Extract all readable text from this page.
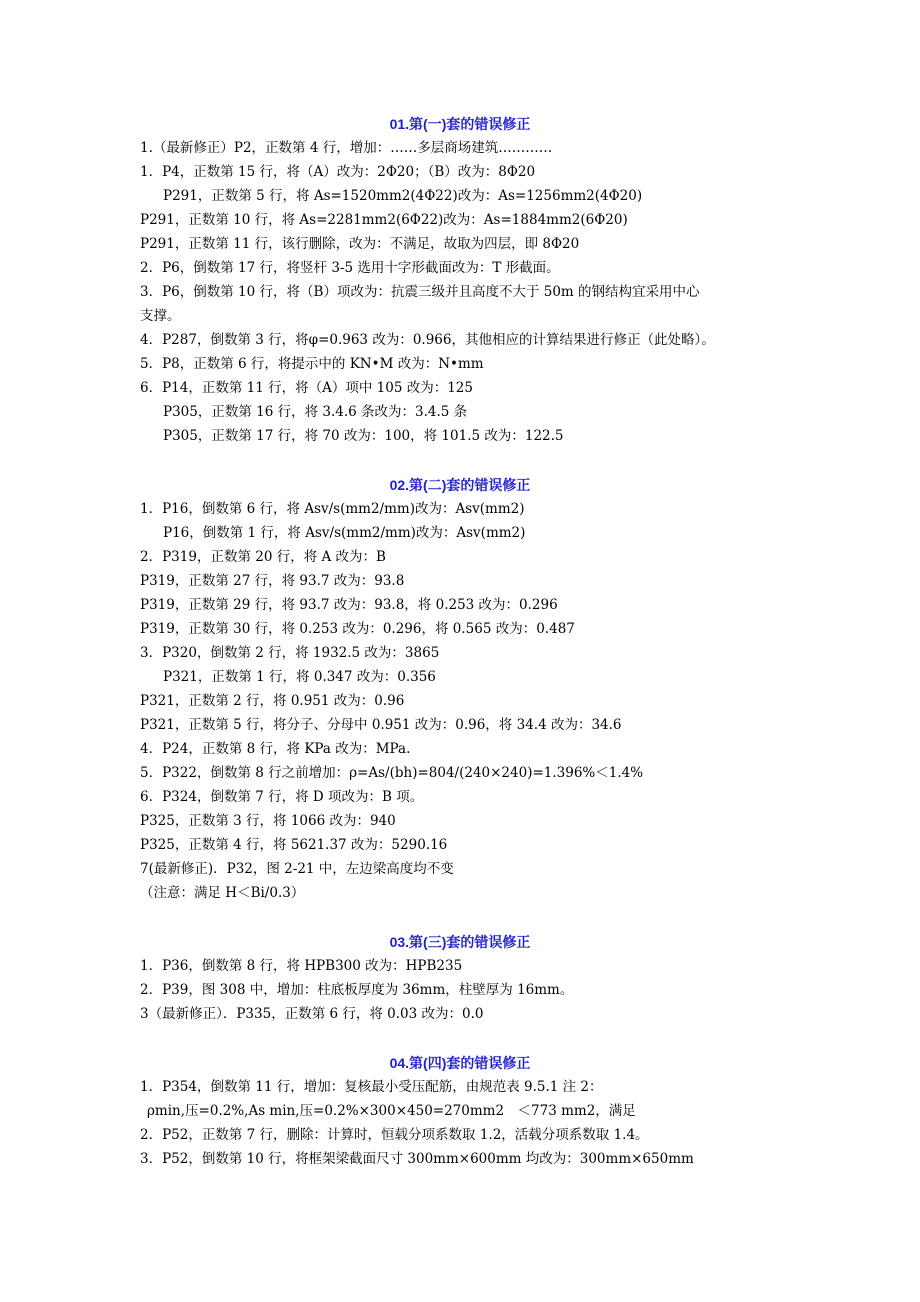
01.第(一)套的错误修正
1.（最新修正）P2，正数第 4 行，增加：……多层商场建筑…………
1．P4，正数第 15 行，将（A）改为：2Φ20；（B）改为：8Φ20
P291，正数第 5 行，将 As=1520mm2(4Φ22)改为：As=1256mm2(4Φ20)
P291，正数第 10 行，将 As=2281mm2(6Φ22)改为：As=1884mm2(6Φ20)
P291，正数第 11 行，该行删除，改为：不满足，故取为四层，即 8Φ20
2．P6，倒数第 17 行，将竖杆 3-5 选用十字形截面改为：T 形截面。
3．P6，倒数第 10 行，将（B）项改为：抗震三级并且高度不大于 50m 的钢结构宜采用中心
支撑。
4．P287，倒数第 3 行，将φ=0.963 改为：0.966，其他相应的计算结果进行修正（此处略）。
5．P8，正数第 6 行，将提示中的 KN•M 改为：N•mm
6．P14，正数第 11 行，将（A）项中 105 改为：125
P305，正数第 16 行，将 3.4.6 条改为：3.4.5 条
P305，正数第 17 行，将 70 改为：100，将 101.5 改为：122.5
02.第(二)套的错误修正
1．P16，倒数第 6 行，将 Asv/s(mm2/mm)改为：Asv(mm2)
P16，倒数第 1 行，将 Asv/s(mm2/mm)改为：Asv(mm2)
2．P319，正数第 20 行，将 A 改为：B
P319，正数第 27 行，将 93.7 改为：93.8
P319，正数第 29 行，将 93.7 改为：93.8，将 0.253 改为：0.296
P319，正数第 30 行，将 0.253 改为：0.296，将 0.565 改为：0.487
3．P320，倒数第 2 行，将 1932.5 改为：3865
P321，正数第 1 行，将 0.347 改为：0.356
P321，正数第 2 行，将 0.951 改为：0.96
P321，正数第 5 行，将分子、分母中 0.951 改为：0.96，将 34.4 改为：34.6
4．P24，正数第 8 行，将 KPa 改为：MPa.
5．P322，倒数第 8 行之前增加：ρ=As/(bh)=804/(240×240)=1.396%＜1.4%
6．P324，倒数第 7 行，将 D 项改为：B 项。
P325，正数第 3 行，将 1066 改为：940
P325，正数第 4 行，将 5621.37 改为：5290.16
7(最新修正)．P32，图 2-21 中，左边梁高度均不变
（注意：满足 H＜Bi/0.3）
03.第(三)套的错误修正
1．P36，倒数第 8 行，将 HPB300 改为：HPB235
2．P39，图 308 中，增加：柱底板厚度为 36mm，柱壁厚为 16mm。
3（最新修正）．P335，正数第 6 行，将 0.03 改为：0.0
04.第(四)套的错误修正
1．P354，倒数第 11 行，增加：复核最小受压配筋，由规范表 9.5.1 注 2：
ρmin,压=0.2%,As min,压=0.2%×300×450=270mm2　＜773 mm2，满足
2．P52，正数第 7 行，删除：计算时，恒载分项系数取 1.2，活载分项系数取 1.4。
3．P52，倒数第 10 行，将框架梁截面尺寸 300mm×600mm 均改为：300mm×650mm
